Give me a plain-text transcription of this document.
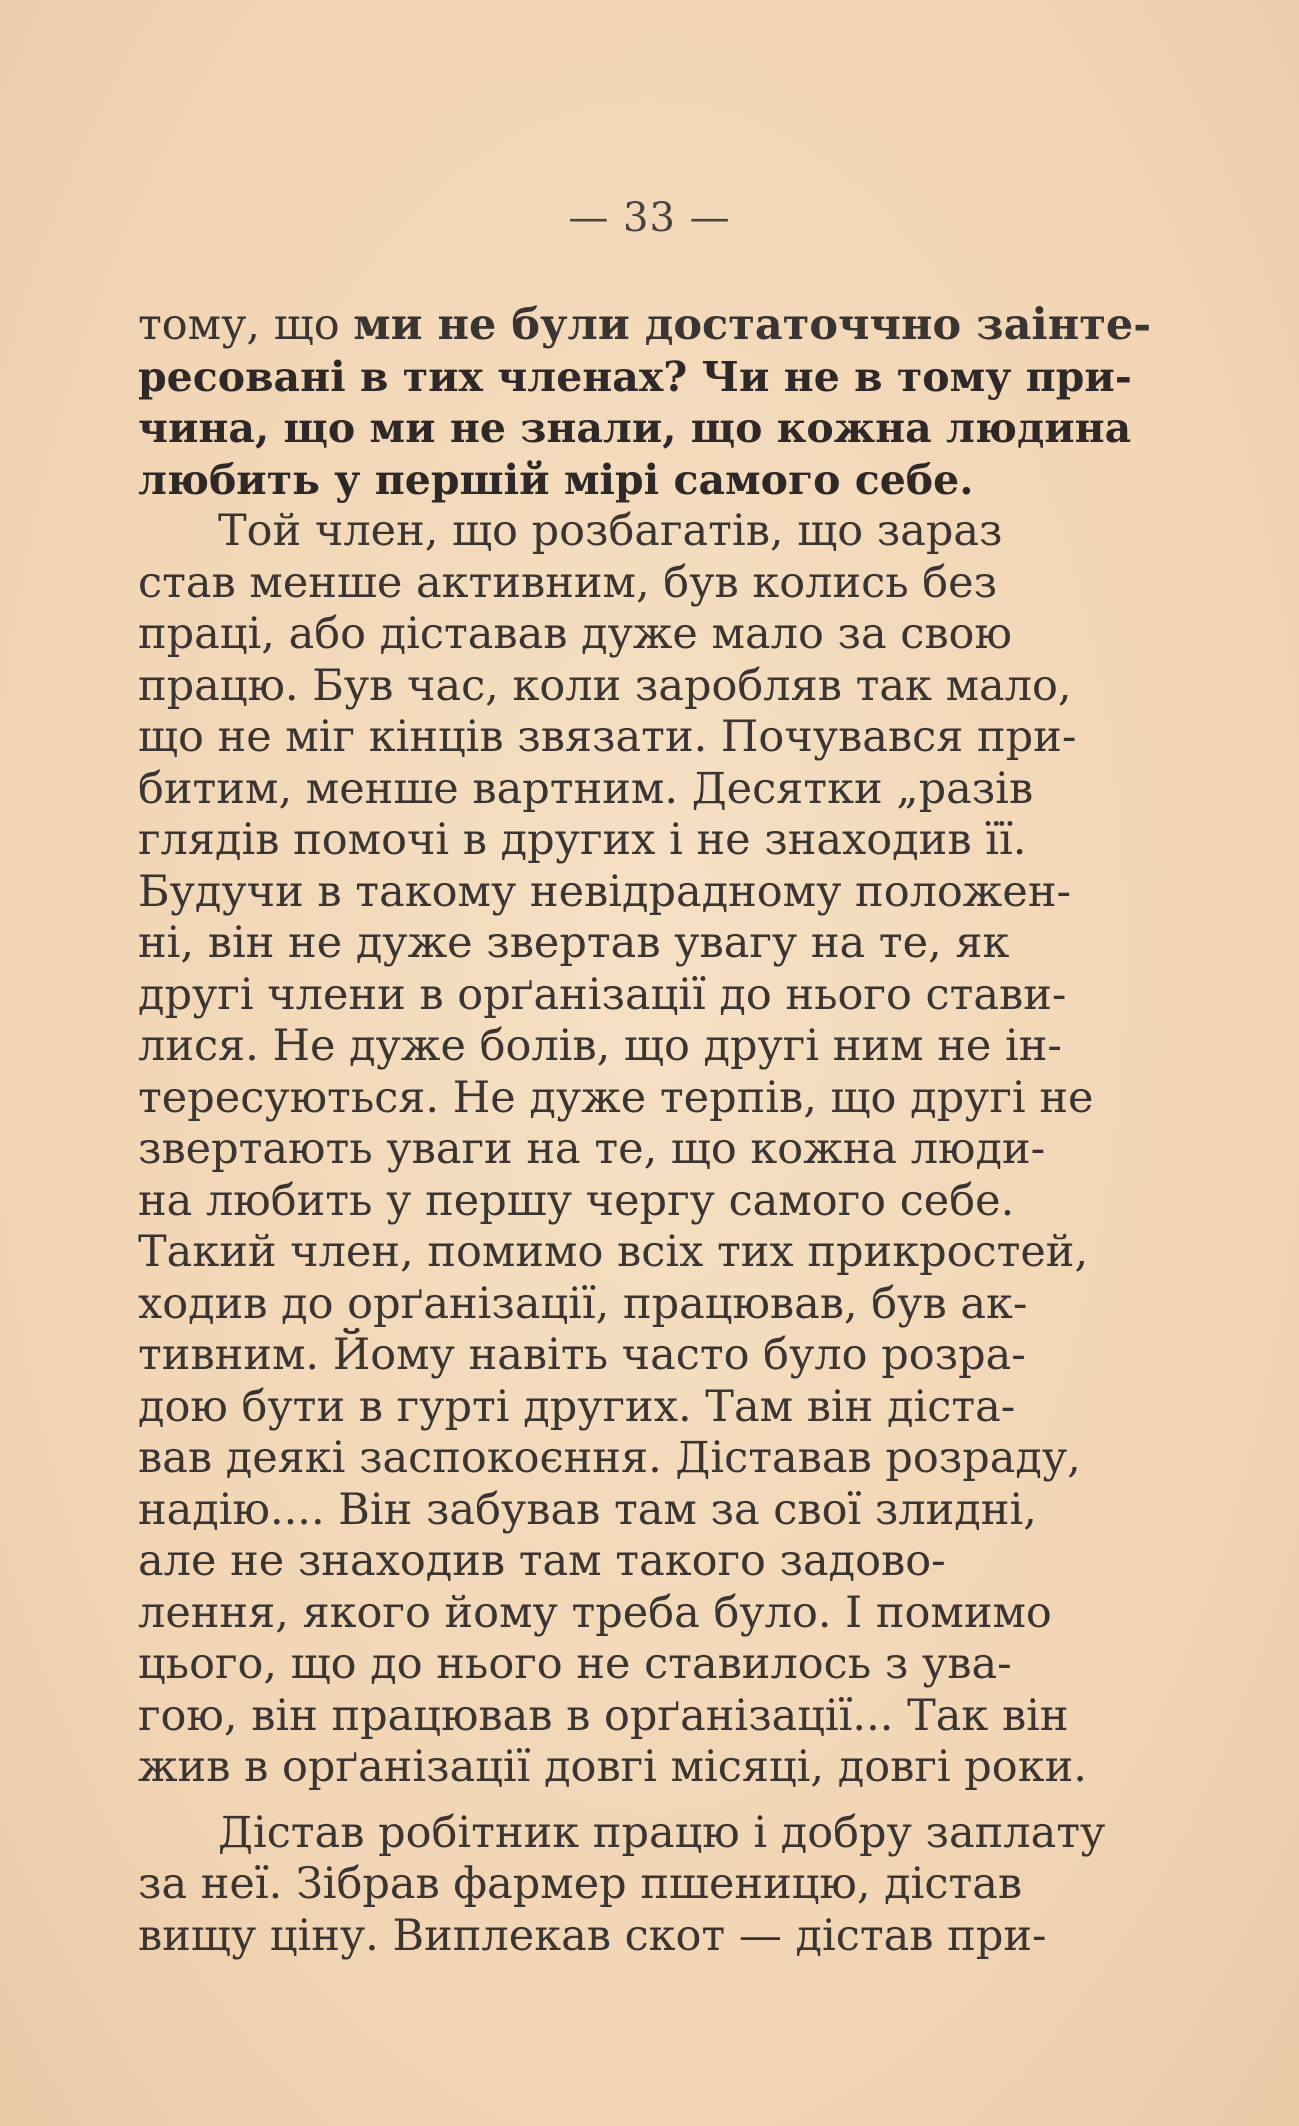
— 33 —
тому, що ми не були достаточчно заінте-
ресовані в тих членах? Чи не в тому при-
чина, що ми не знали, що кожна людина
любить у першій мірі самого себе.
Той член, що розбагатів, що зараз
став менше активним, був колись без
праці, або діставав дуже мало за свою
працю. Був час, коли заробляв так мало,
що не міг кінців звязати. Почувався при-
битим, менше вартним. Десятки „разів
глядів помочі в других і не знаходив її.
Будучи в такому невідрадному положен-
ні, він не дуже звертав увагу на те, як
другі члени в орґанізації до нього стави-
лися. Не дуже болів, що другі ним не ін-
тересуються. Не дуже терпів, що другі не
звертають уваги на те, що кожна люди-
на любить у першу чергу самого себе.
Такий член, помимо всіх тих прикростей,
ходив до орґанізації, працював, був ак-
тивним. Йому навіть часто було розра-
дою бути в гурті других. Там він діста-
вав деякі заспокоєння. Діставав розраду,
надію.... Він забував там за свої злидні,
але не знаходив там такого задово-
лення, якого йому треба було. І помимо
цього, що до нього не ставилось з ува-
гою, він працював в орґанізації... Так він
жив в орґанізації довгі місяці, довгі роки.
Дістав робітник працю і добру заплату
за неї. Зібрав фармер пшеницю, дістав
вищу ціну. Виплекав скот — дістав при-
